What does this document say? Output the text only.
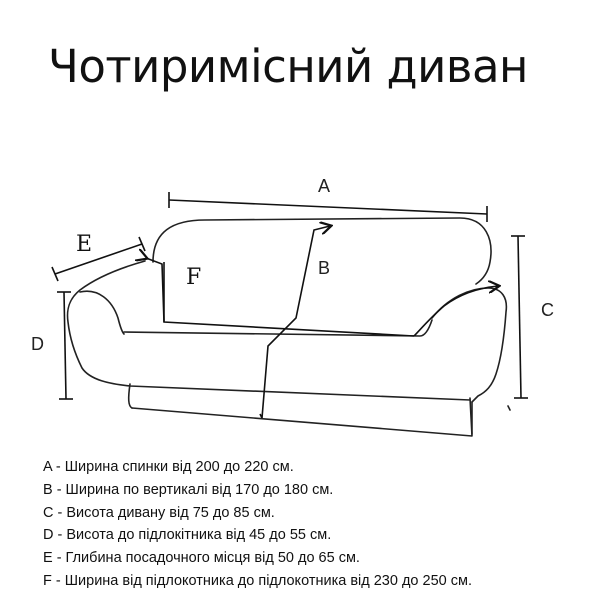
Чотиримісний диван
A
C
D
E
F	B
A - Ширина спинки від 200 до 220 см.
B - Ширина по вертикалі від 170 до 180 см.
C - Висота дивану від 75 до 85 см.
D - Висота до підлокітника від 45 до 55 см.
E - Глибина посадочного місця від 50 до 65 см.
F - Ширина від підлокотника до підлокотника від 230 до 250 см.
